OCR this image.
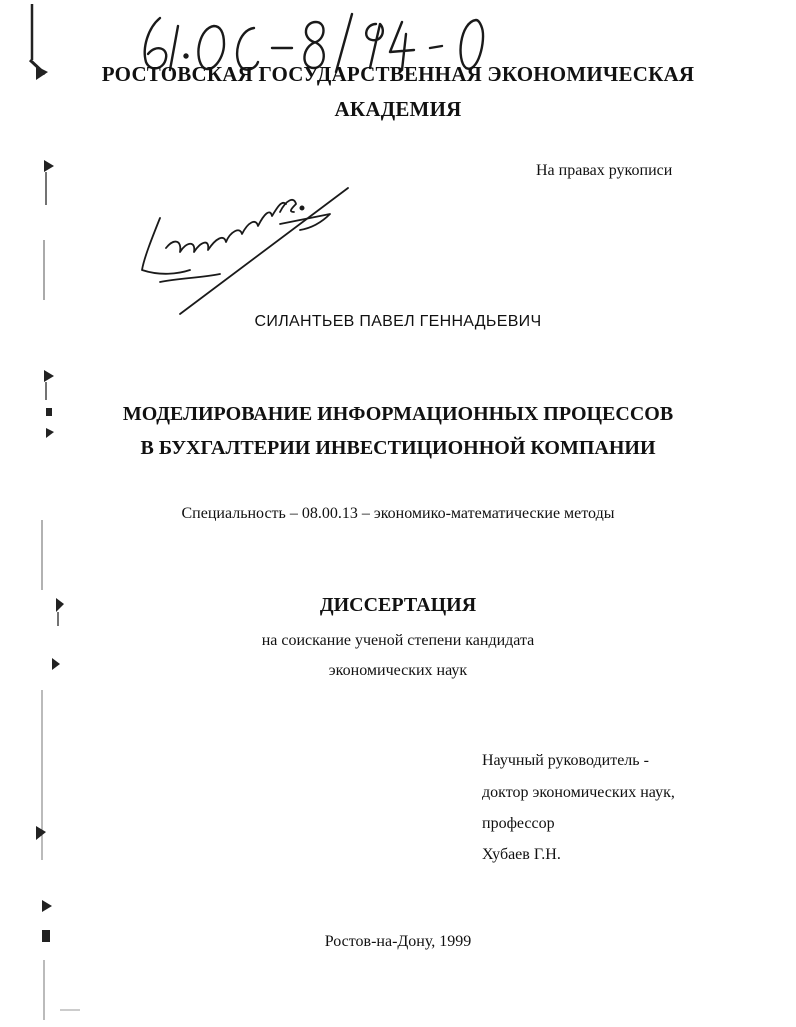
РОСТОВСКАЯ ГОСУДАРСТВЕННАЯ ЭКОНОМИЧЕСКАЯ
АКАДЕМИЯ
На правах рукописи
СИЛАНТЬЕВ ПАВЕЛ ГЕННАДЬЕВИЧ
МОДЕЛИРОВАНИЕ ИНФОРМАЦИОННЫХ ПРОЦЕССОВ
В БУХГАЛТЕРИИ ИНВЕСТИЦИОННОЙ КОМПАНИИ
Специальность – 08.00.13 – экономико-математические методы
ДИССЕРТАЦИЯ
на соискание ученой степени кандидата
экономических наук
Научный руководитель -
доктор экономических наук,
профессор
Хубаев Г.Н.
Ростов-на-Дону, 1999
